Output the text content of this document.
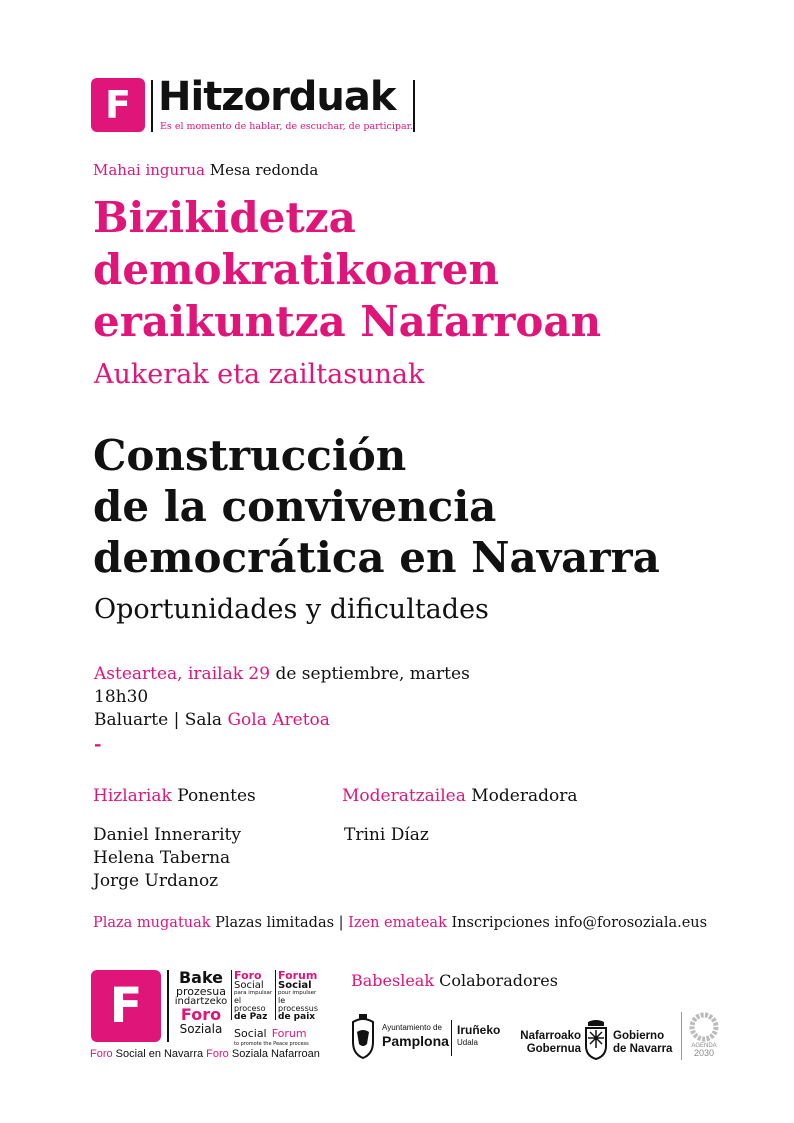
F Hitzorduak
Es el momento de hablar, de escuchar, de participar.
Mahai ingurua Mesa redonda
Bizikidetza
demokratikoaren
eraikuntza Nafarroan
Aukerak eta zailtasunak
Construcción
de la convivencia
democrática en Navarra
Oportunidades y dificultades
Asteartea, irailak 29 de septiembre, martes
18h30
Baluarte | Sala Gola Aretoa
-
Hizlariak Ponentes
Daniel Innerarity
Helena Taberna
Jorge Urdanoz
Moderatzailea Moderadora
Trini Díaz
Plaza mugatuak Plazas limitadas | Izen emateak Inscripciones info@forosoziala.eus
F
Bake
prozesua
indartzeko
Foro
Soziala
Foro
Social
para impulsar
el proceso
de Paz
Forum
Social
pour impulser
le processus
de paix
Social Forum
to promote the Peace process
Foro Social en Navarra Foro Soziala Nafarroan
Babesleak Colaboradores
Ayuntamiento de
Pamplona
Iruñeko
Udala
Nafarroako
Gobernua
Gobierno
de Navarra	AGENDA
2030
